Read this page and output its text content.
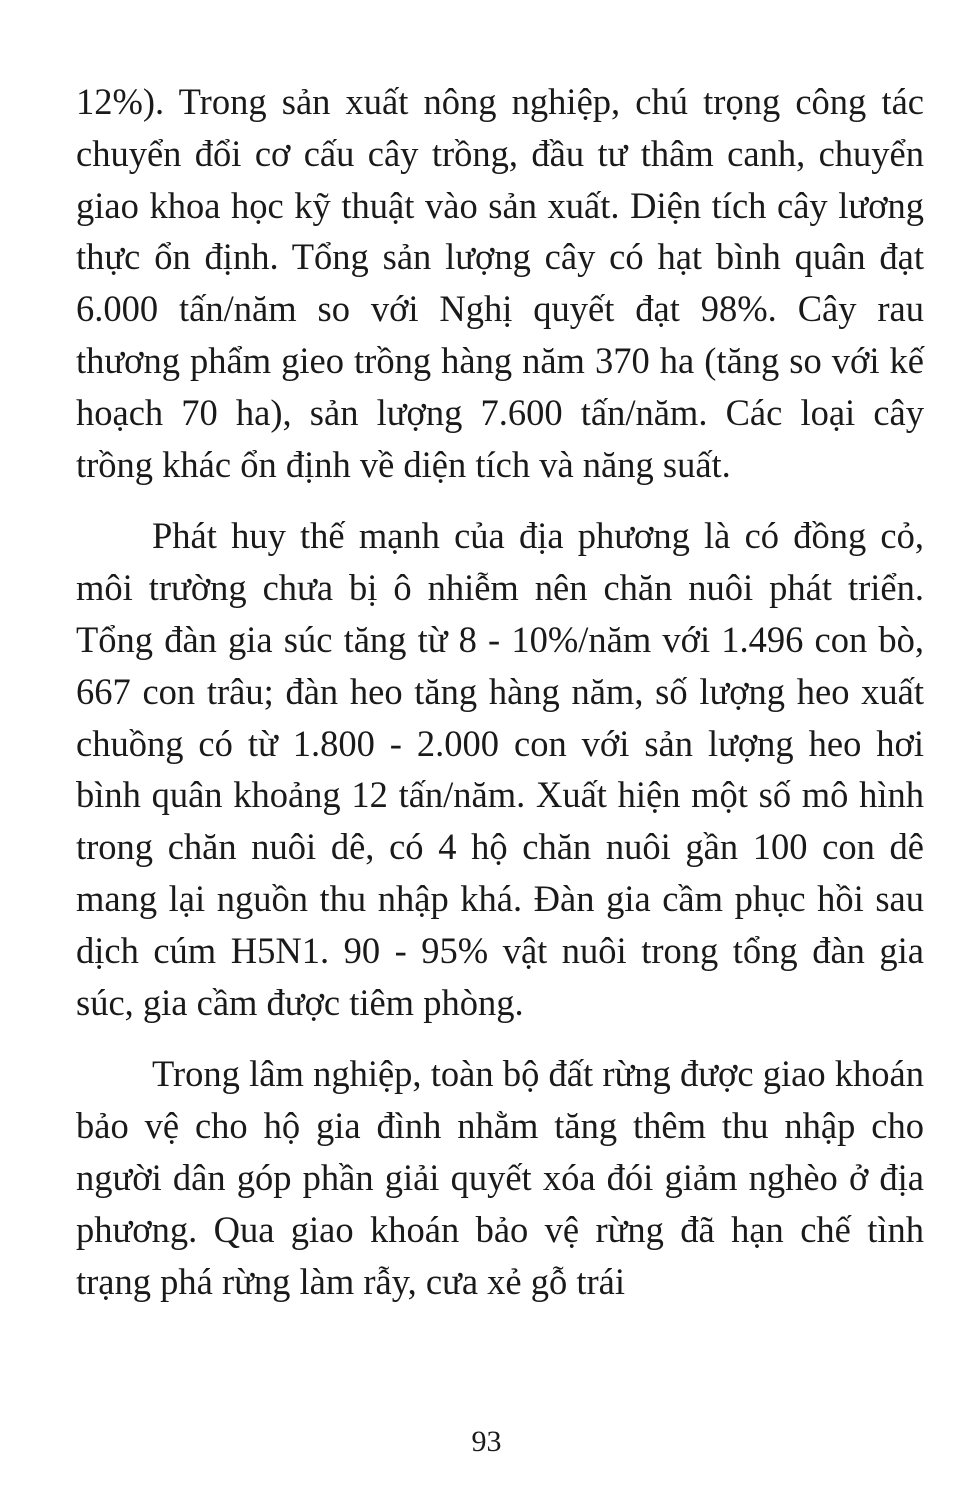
12%). Trong sản xuất nông nghiệp, chú trọng công tác chuyển đổi cơ cấu cây trồng, đầu tư thâm canh, chuyển giao khoa học kỹ thuật vào sản xuất. Diện tích cây lương thực ổn định. Tổng sản lượng cây có hạt bình quân đạt 6.000 tấn/năm so với Nghị quyết đạt 98%. Cây rau thương phẩm gieo trồng hàng năm 370 ha (tăng so với kế hoạch 70 ha), sản lượng 7.600 tấn/năm. Các loại cây trồng khác ổn định về diện tích và năng suất.

Phát huy thế mạnh của địa phương là có đồng cỏ, môi trường chưa bị ô nhiễm nên chăn nuôi phát triển. Tổng đàn gia súc tăng từ 8 - 10%/năm với 1.496 con bò, 667 con trâu; đàn heo tăng hàng năm, số lượng heo xuất chuồng có từ 1.800 - 2.000 con với sản lượng heo hơi bình quân khoảng 12 tấn/năm. Xuất hiện một số mô hình trong chăn nuôi dê, có 4 hộ chăn nuôi gần 100 con dê mang lại nguồn thu nhập khá. Đàn gia cầm phục hồi sau dịch cúm H5N1. 90 - 95% vật nuôi trong tổng đàn gia súc, gia cầm được tiêm phòng.

Trong lâm nghiệp, toàn bộ đất rừng được giao khoán bảo vệ cho hộ gia đình nhằm tăng thêm thu nhập cho người dân góp phần giải quyết xóa đói giảm nghèo ở địa phương. Qua giao khoán bảo vệ rừng đã hạn chế tình trạng phá rừng làm rẫy, cưa xẻ gỗ trái

93
